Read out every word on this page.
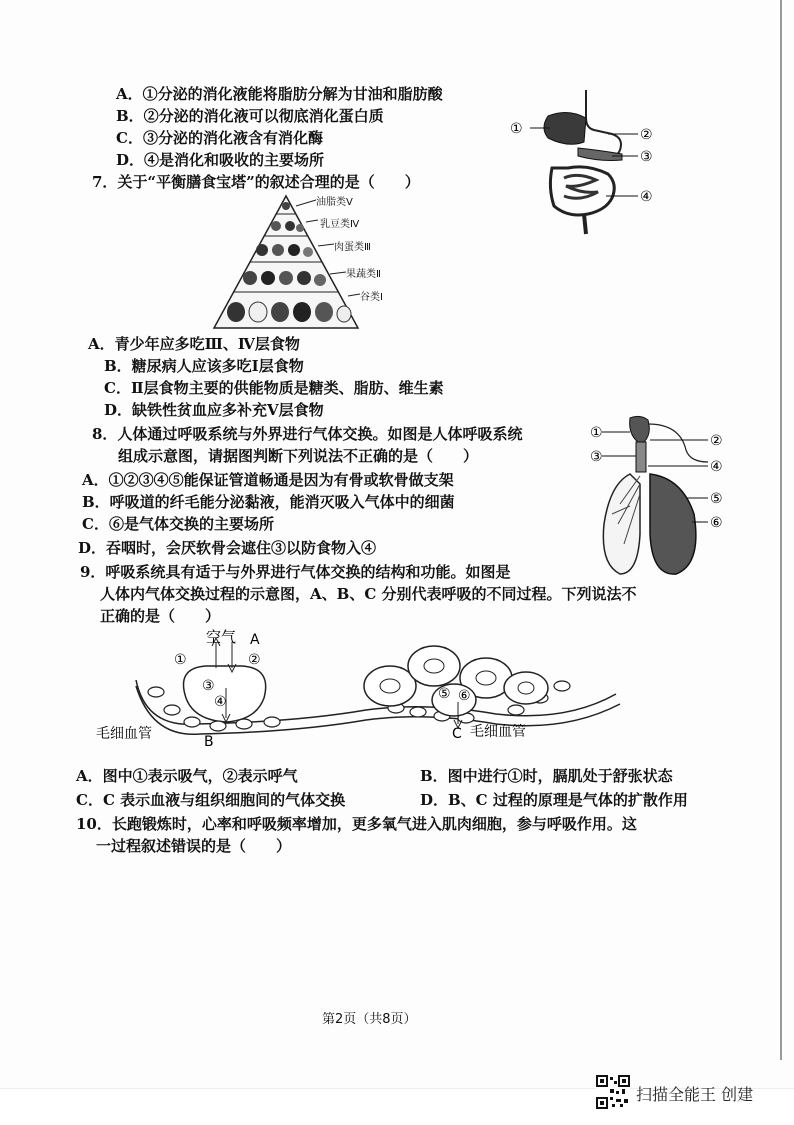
A．①分泌的消化液能将脂肪分解为甘油和脂肪酸
B．②分泌的消化液可以彻底消化蛋白质
C．③分泌的消化液含有消化酶
D．④是消化和吸收的主要场所
①	②
③
④
7．关于“平衡膳食宝塔”的叙述合理的是（　　）
油脂类Ⅴ
乳豆类Ⅳ
肉蛋类Ⅲ
果蔬类Ⅱ
谷类Ⅰ
A．青少年应多吃Ⅲ、Ⅳ层食物
B．糖尿病人应该多吃Ⅰ层食物
C．Ⅱ层食物主要的供能物质是糖类、脂肪、维生素
D．缺铁性贫血应多补充Ⅴ层食物
8．人体通过呼吸系统与外界进行气体交换。如图是人体呼吸系统
组成示意图，请据图判断下列说法不正确的是（　　）
A．①②③④⑤能保证管道畅通是因为有骨或软骨做支架
B．呼吸道的纤毛能分泌黏液，能消灭吸入气体中的细菌
C．⑥是气体交换的主要场所
D．吞咽时，会厌软骨会遮住③以防食物入④
①
③
②
④
⑤
⑥
9．呼吸系统具有适于与外界进行气体交换的结构和功能。如图是
人体内气体交换过程的示意图，A、B、C 分别代表呼吸的不同过程。下列说法不
正确的是（　　）
空气 A
①	②
③
④	⑤ ⑥
B
毛细血管	C 毛细血管
A．图中①表示吸气，②表示呼气	B．图中进行①时，膈肌处于舒张状态
C．C 表示血液与组织细胞间的气体交换	D．B、C 过程的原理是气体的扩散作用
10．长跑锻炼时，心率和呼吸频率增加，更多氧气进入肌肉细胞，参与呼吸作用。这
一过程叙述错误的是（　　）
第2页（共8页）
扫描全能王 创建
